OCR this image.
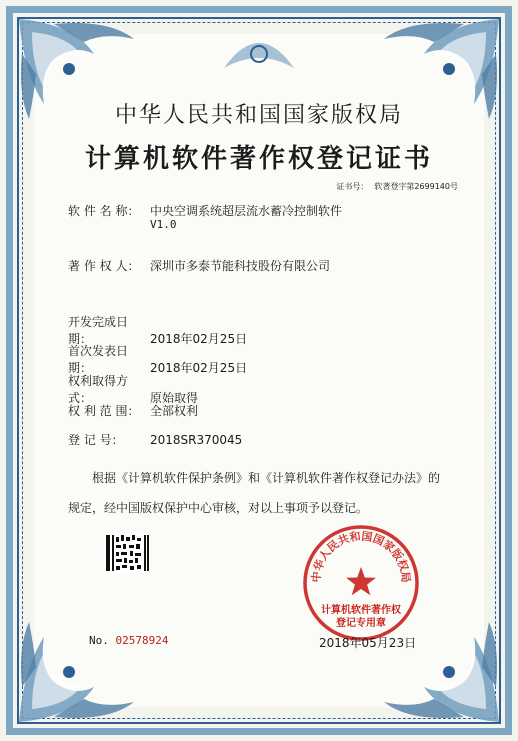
中华人民共和国国家版权局
计算机软件著作权登记证书
证书号： 软著登字第2699140号
软 件 名 称： 中央空调系统超层流水蓄冷控制软件
V1.0
著 作 权 人： 深圳市多泰节能科技股份有限公司
开发完成日期：	2018年02月25日
首次发表日期：	2018年02月25日
权利取得方式：	原始取得
权 利 范 围： 全部权利
登 记 号： 2018SR370045
根据《计算机软件保护条例》和《计算机软件著作权登记办法》的
规定，经中国版权保护中心审核，对以上事项予以登记。
No. 02578924
中华人民共和国国家版权局
计算机软件著作权
登记专用章
2018年05月23日
